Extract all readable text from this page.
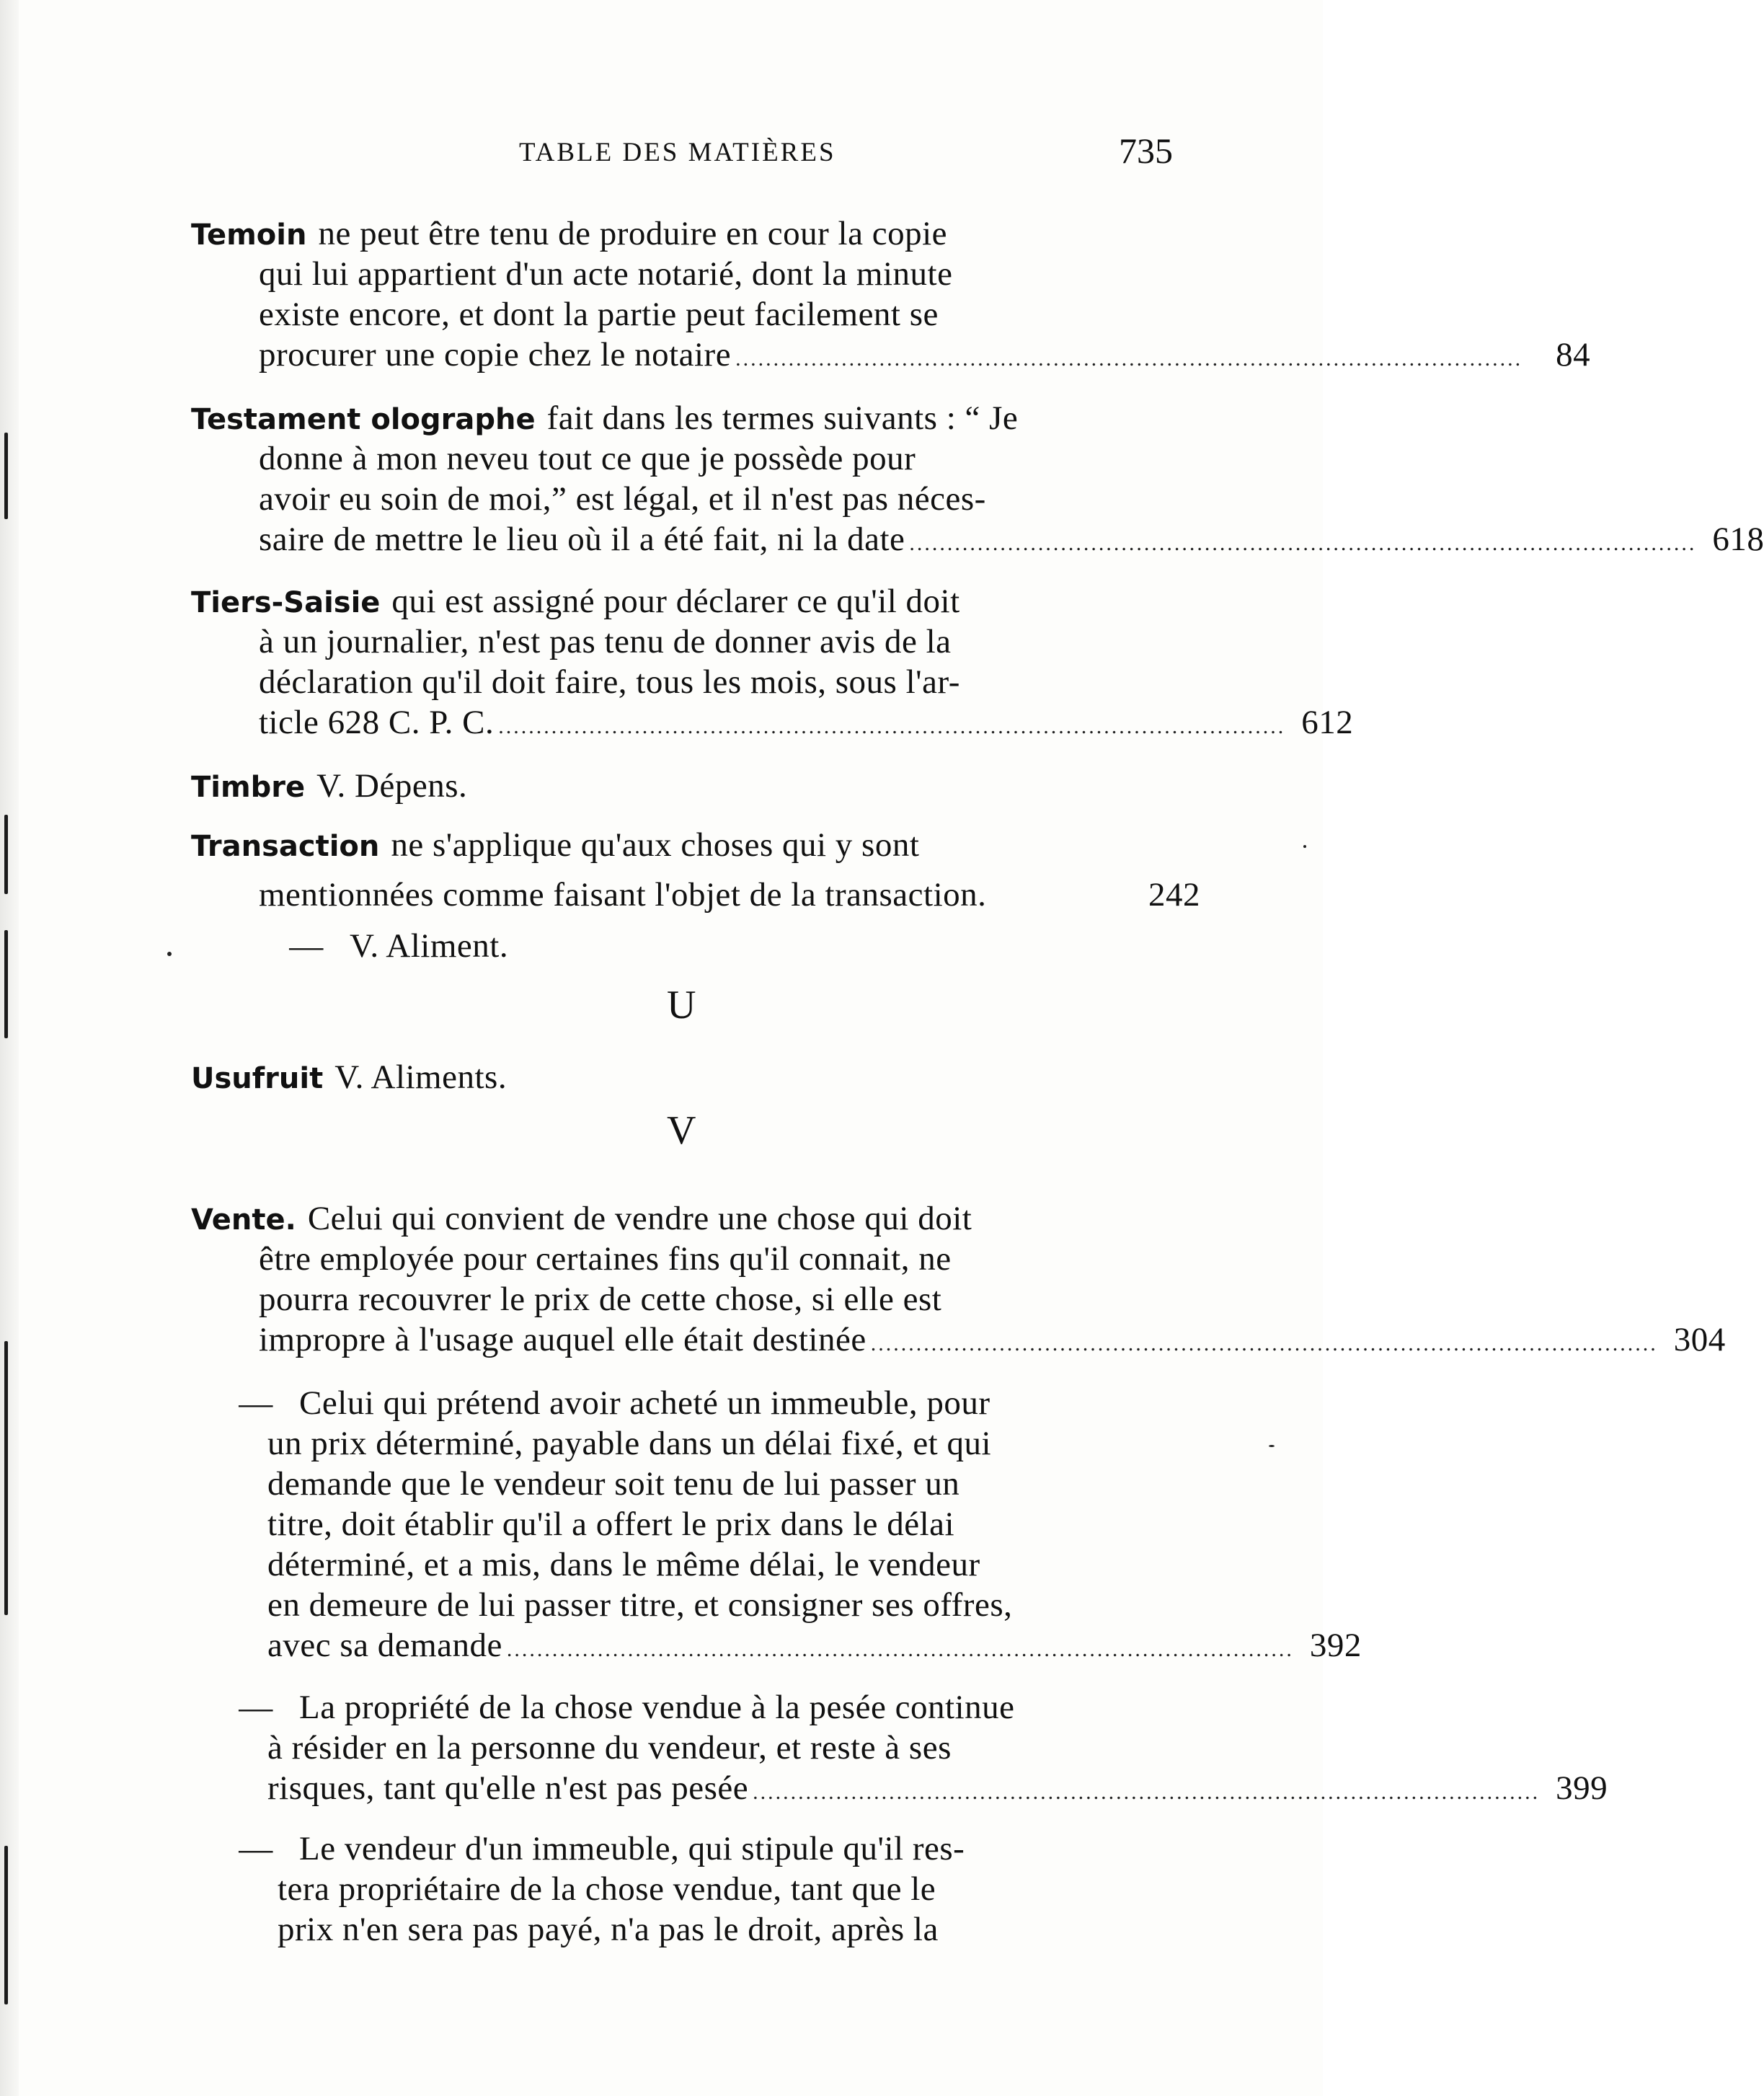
TABLE DES MATIÈRES	735
Temoin ne peut être tenu de produire en cour la copie
qui lui appartient d'un acte notarié, dont la minute
existe encore, et dont la partie peut facilement se
procurer une copie chez le notaire ........................................................................................................ 84
Testament olographe fait dans les termes suivants : “ Je
donne à mon neveu tout ce que je possède pour
avoir eu soin de moi,” est légal, et il n'est pas néces-
saire de mettre le lieu où il a été fait, ni la date ........................................................................................................ 618
Tiers-Saisie qui est assigné pour déclarer ce qu'il doit
à un journalier, n'est pas tenu de donner avis de la
déclaration qu'il doit faire, tous les mois, sous l'ar-
ticle 628 C. P. C. ........................................................................................................ 612
Timbre V. Dépens.
Transaction ne s'applique qu'aux choses qui y sont
mentionnées comme faisant l'objet de la transaction.	242
— V. Aliment.
U
Usufruit V. Aliments.
V
Vente. Celui qui convient de vendre une chose qui doit
être employée pour certaines fins qu'il connait, ne
pourra recouvrer le prix de cette chose, si elle est
impropre à l'usage auquel elle était destinée ........................................................................................................ 304
— Celui qui prétend avoir acheté un immeuble, pour
un prix déterminé, payable dans un délai fixé, et qui
demande que le vendeur soit tenu de lui passer un
titre, doit établir qu'il a offert le prix dans le délai
déterminé, et a mis, dans le même délai, le vendeur
en demeure de lui passer titre, et consigner ses offres,
avec sa demande ........................................................................................................ 392
— La propriété de la chose vendue à la pesée continue
à résider en la personne du vendeur, et reste à ses
risques, tant qu'elle n'est pas pesée ........................................................................................................ 399
— Le vendeur d'un immeuble, qui stipule qu'il res-
tera propriétaire de la chose vendue, tant que le
prix n'en sera pas payé, n'a pas le droit, après la
